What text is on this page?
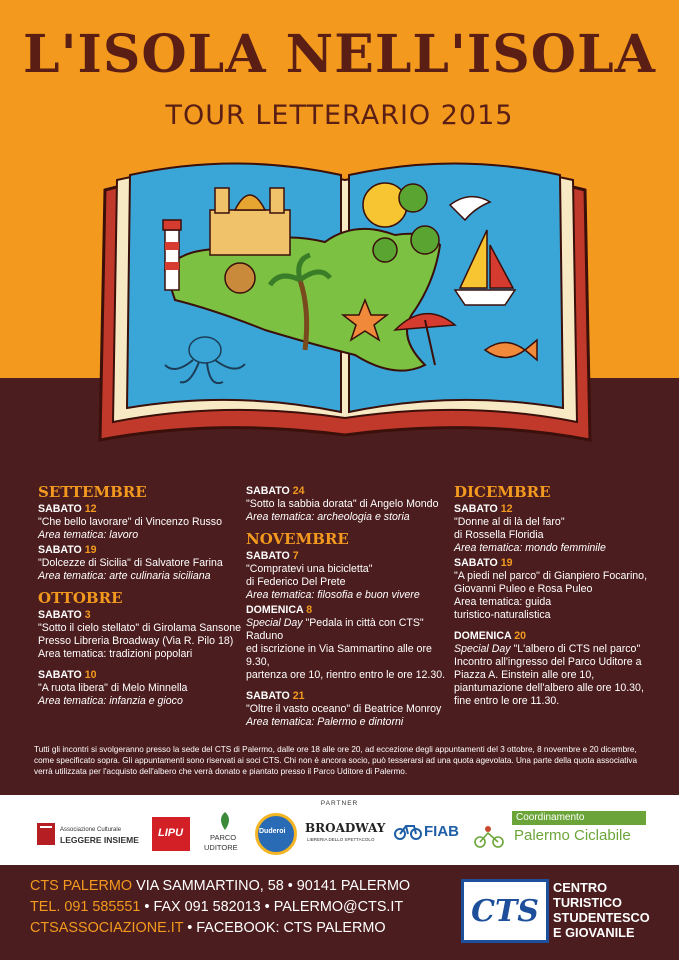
L'ISOLA NELL'ISOLA
TOUR LETTERARIO 2015
SETTEMBRE
SABATO 12
"Che bello lavorare" di Vincenzo Russo
Area tematica: lavoro
SABATO 19
"Dolcezze di Sicilia" di Salvatore Farina
Area tematica: arte culinaria siciliana
OTTOBRE
SABATO 3
"Sotto il cielo stellato" di Girolama Sansone
Presso Libreria Broadway (Via R. Pilo 18)
Area tematica: tradizioni popolari
SABATO 10
"A ruota libera" di Melo Minnella
Area tematica: infanzia e gioco
SABATO 24
"Sotto la sabbia dorata" di Angelo Mondo
Area tematica: archeologia e storia
NOVEMBRE
SABATO 7
"Compratevi una bicicletta"
di Federico Del Prete
Area tematica: filosofia e buon vivere
DOMENICA 8
Special Day "Pedala in città con CTS" Raduno
ed iscrizione in Via Sammartino alle ore 9.30,
partenza ore 10, rientro entro le ore 12.30.
SABATO 21
"Oltre il vasto oceano" di Beatrice Monroy
Area tematica: Palermo e dintorni
DICEMBRE
SABATO 12
"Donne al di là del faro"
di Rossella Floridia
Area tematica: mondo femminile
SABATO 19
"A piedi nel parco" di Gianpiero Focarino,
Giovanni Puleo e Rosa Puleo
Area tematica: guida
turistico-naturalistica
DOMENICA 20
Special Day "L'albero di CTS nel parco"
Incontro all'ingresso del Parco Uditore a
Piazza A. Einstein alle ore 10,
piantumazione dell'albero alle ore 10.30,
fine entro le ore 11.30.
Tutti gli incontri si svolgeranno presso la sede del CTS di Palermo, dalle ore 18 alle ore 20, ad eccezione degli appuntamenti del 3 ottobre, 8 novembre e 20 dicembre, come specificato sopra. Gli appuntamenti sono riservati ai soci CTS. Chi non è ancora socio, può tesserarsi ad una quota agevolata. Una parte della quota associativa verrà utilizzata per l'acquisto dell'albero che verrà donato e piantato presso il Parco Uditore di Palermo.
PARTNER
Associazione Culturale
LEGGERE INSIEME
LIPU	PARCO
UDITORE
Duderoi BROADWAY
LIBRERIA DELLO SPETTACOLO	FIAB
Coordinamento
Palermo Ciclabile
CTS PALERMO VIA SAMMARTINO, 58 • 90141 PALERMO
TEL. 091 585551 • FAX 091 582013 • PALERMO@CTS.IT
CTSASSOCIAZIONE.IT • FACEBOOK: CTS PALERMO	CTS
CENTRO
TURISTICO
STUDENTESCO
E GIOVANILE
